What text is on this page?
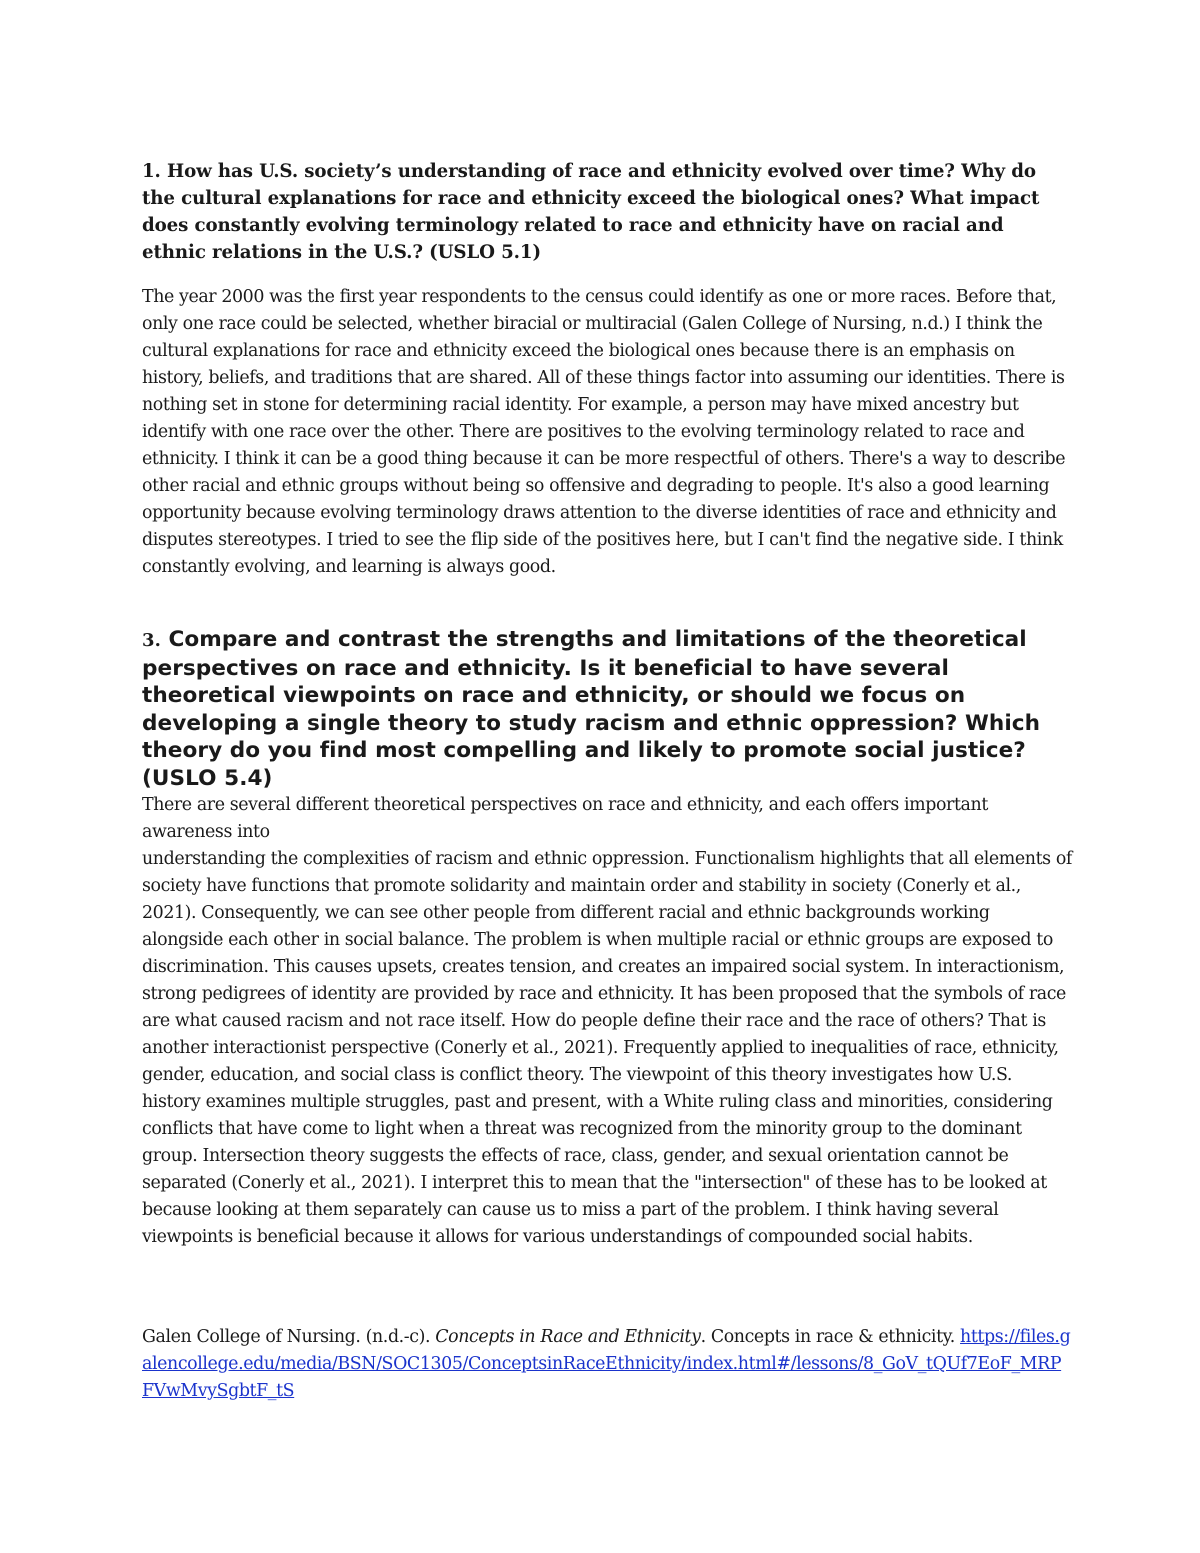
1. How has U.S. society’s understanding of race and ethnicity evolved over time? Why do the cultural explanations for race and ethnicity exceed the biological ones? What impact does constantly evolving terminology related to race and ethnicity have on racial and ethnic relations in the U.S.? (USLO 5.1)

The year 2000 was the first year respondents to the census could identify as one or more races. Before that, only one race could be selected, whether biracial or multiracial (Galen College of Nursing, n.d.) I think the cultural explanations for race and ethnicity exceed the biological ones because there is an emphasis on history, beliefs, and traditions that are shared. All of these things factor into assuming our identities. There is nothing set in stone for determining racial identity. For example, a person may have mixed ancestry but identify with one race over the other. There are positives to the evolving terminology related to race and ethnicity. I think it can be a good thing because it can be more respectful of others. There's a way to describe other racial and ethnic groups without being so offensive and degrading to people. It's also a good learning opportunity because evolving terminology draws attention to the diverse identities of race and ethnicity and disputes stereotypes. I tried to see the flip side of the positives here, but I can't find the negative side. I think constantly evolving, and learning is always good.

3. Compare and contrast the strengths and limitations of the theoretical perspectives on race and ethnicity. Is it beneficial to have several theoretical viewpoints on race and ethnicity, or should we focus on developing a single theory to study racism and ethnic oppression? Which theory do you find most compelling and likely to promote social justice? (USLO 5.4)

There are several different theoretical perspectives on race and ethnicity, and each offers important awareness into
understanding the complexities of racism and ethnic oppression. Functionalism highlights that all elements of society have functions that promote solidarity and maintain order and stability in society (Conerly et al., 2021). Consequently, we can see other people from different racial and ethnic backgrounds working alongside each other in social balance. The problem is when multiple racial or ethnic groups are exposed to discrimination. This causes upsets, creates tension, and creates an impaired social system. In interactionism, strong pedigrees of identity are provided by race and ethnicity. It has been proposed that the symbols of race are what caused racism and not race itself. How do people define their race and the race of others? That is another interactionist perspective (Conerly et al., 2021). Frequently applied to inequalities of race, ethnicity, gender, education, and social class is conflict theory. The viewpoint of this theory investigates how U.S. history examines multiple struggles, past and present, with a White ruling class and minorities, considering conflicts that have come to light when a threat was recognized from the minority group to the dominant group. Intersection theory suggests the effects of race, class, gender, and sexual orientation cannot be separated (Conerly et al., 2021). I interpret this to mean that the "intersection" of these has to be looked at because looking at them separately can cause us to miss a part of the problem. I think having several viewpoints is beneficial because it allows for various understandings of compounded social habits.

Galen College of Nursing. (n.d.-c). Concepts in Race and Ethnicity. Concepts in race & ethnicity. https://files.galencollege.edu/media/BSN/SOC1305/ConceptsinRaceEthnicity/index.html#/lessons/8_GoV_tQUf7EoF_MRPFVwMvySgbtF_tS
